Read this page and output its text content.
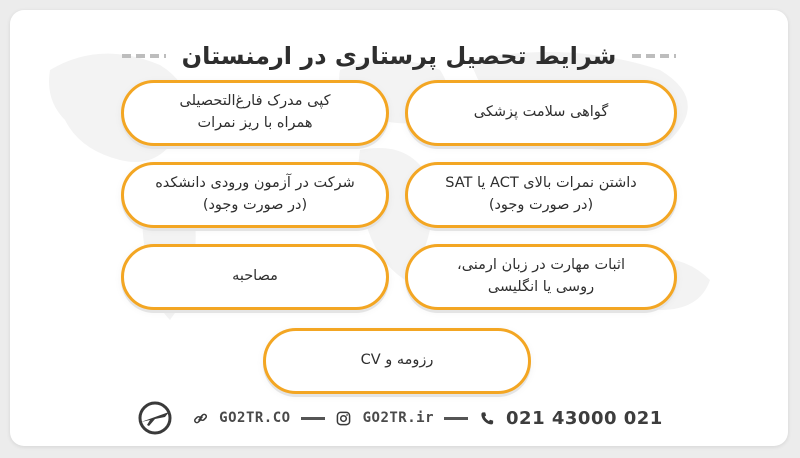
شرایط تحصیل پرستاری در ارمنستان
گواهی سلامت پزشکی
کپی مدرک فارغ‌التحصیلی
همراه با ریز نمرات
داشتن نمرات بالای ACT یا SAT
(در صورت وجود)
شرکت در آزمون ورودی دانشکده
(در صورت وجود)
اثبات مهارت در زبان ارمنی،
روسی یا انگلیسی
مصاحبه
رزومه و CV
GO2TR.CO	GO2TR.ir	021 43000 021
